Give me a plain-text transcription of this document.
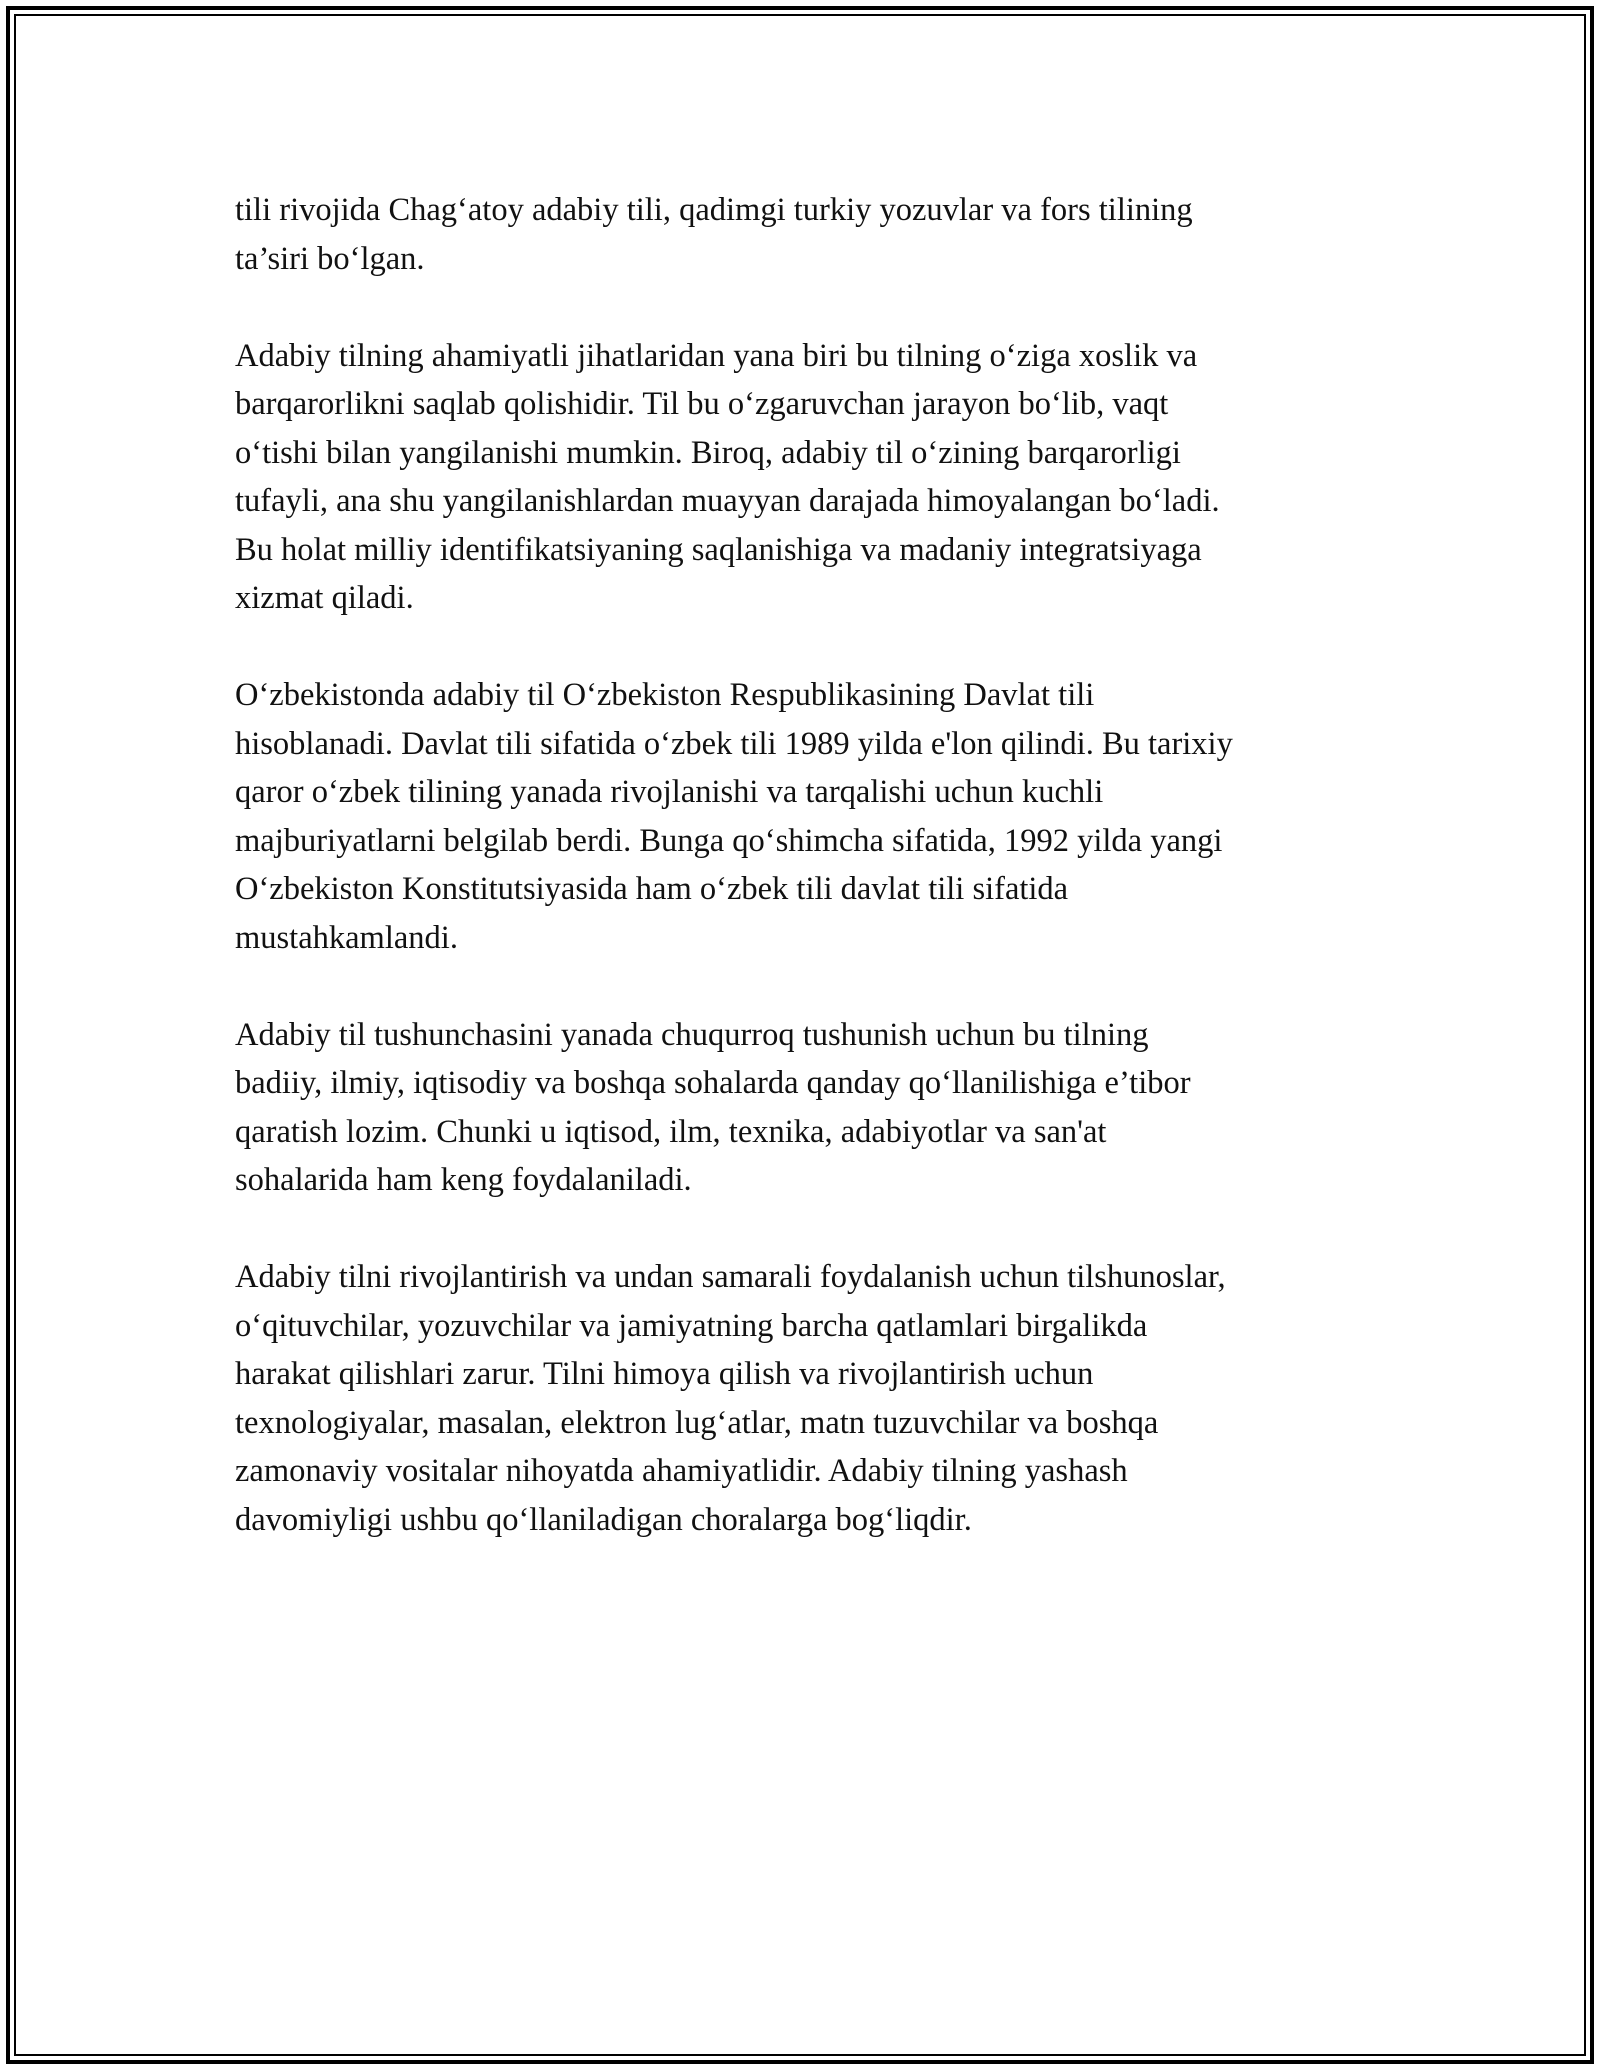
tili rivojida Chag‘atoy adabiy tili, qadimgi turkiy yozuvlar va fors tilining
ta’siri bo‘lgan.

Adabiy tilning ahamiyatli jihatlaridan yana biri bu tilning o‘ziga xoslik va
barqarorlikni saqlab qolishidir. Til bu o‘zgaruvchan jarayon bo‘lib, vaqt
o‘tishi bilan yangilanishi mumkin. Biroq, adabiy til o‘zining barqarorligi
tufayli, ana shu yangilanishlardan muayyan darajada himoyalangan bo‘ladi.
Bu holat milliy identifikatsiyaning saqlanishiga va madaniy integratsiyaga
xizmat qiladi.

O‘zbekistonda adabiy til O‘zbekiston Respublikasining Davlat tili
hisoblanadi. Davlat tili sifatida o‘zbek tili 1989 yilda e'lon qilindi. Bu tarixiy
qaror o‘zbek tilining yanada rivojlanishi va tarqalishi uchun kuchli
majburiyatlarni belgilab berdi. Bunga qo‘shimcha sifatida, 1992 yilda yangi
O‘zbekiston Konstitutsiyasida ham o‘zbek tili davlat tili sifatida
mustahkamlandi.

Adabiy til tushunchasini yanada chuqurroq tushunish uchun bu tilning
badiiy, ilmiy, iqtisodiy va boshqa sohalarda qanday qo‘llanilishiga e’tibor
qaratish lozim. Chunki u iqtisod, ilm, texnika, adabiyotlar va san'at
sohalarida ham keng foydalaniladi.

Adabiy tilni rivojlantirish va undan samarali foydalanish uchun tilshunoslar,
o‘qituvchilar, yozuvchilar va jamiyatning barcha qatlamlari birgalikda
harakat qilishlari zarur. Tilni himoya qilish va rivojlantirish uchun
texnologiyalar, masalan, elektron lug‘atlar, matn tuzuvchilar va boshqa
zamonaviy vositalar nihoyatda ahamiyatlidir. Adabiy tilning yashash
davomiyligi ushbu qo‘llaniladigan choralarga bog‘liqdir.
